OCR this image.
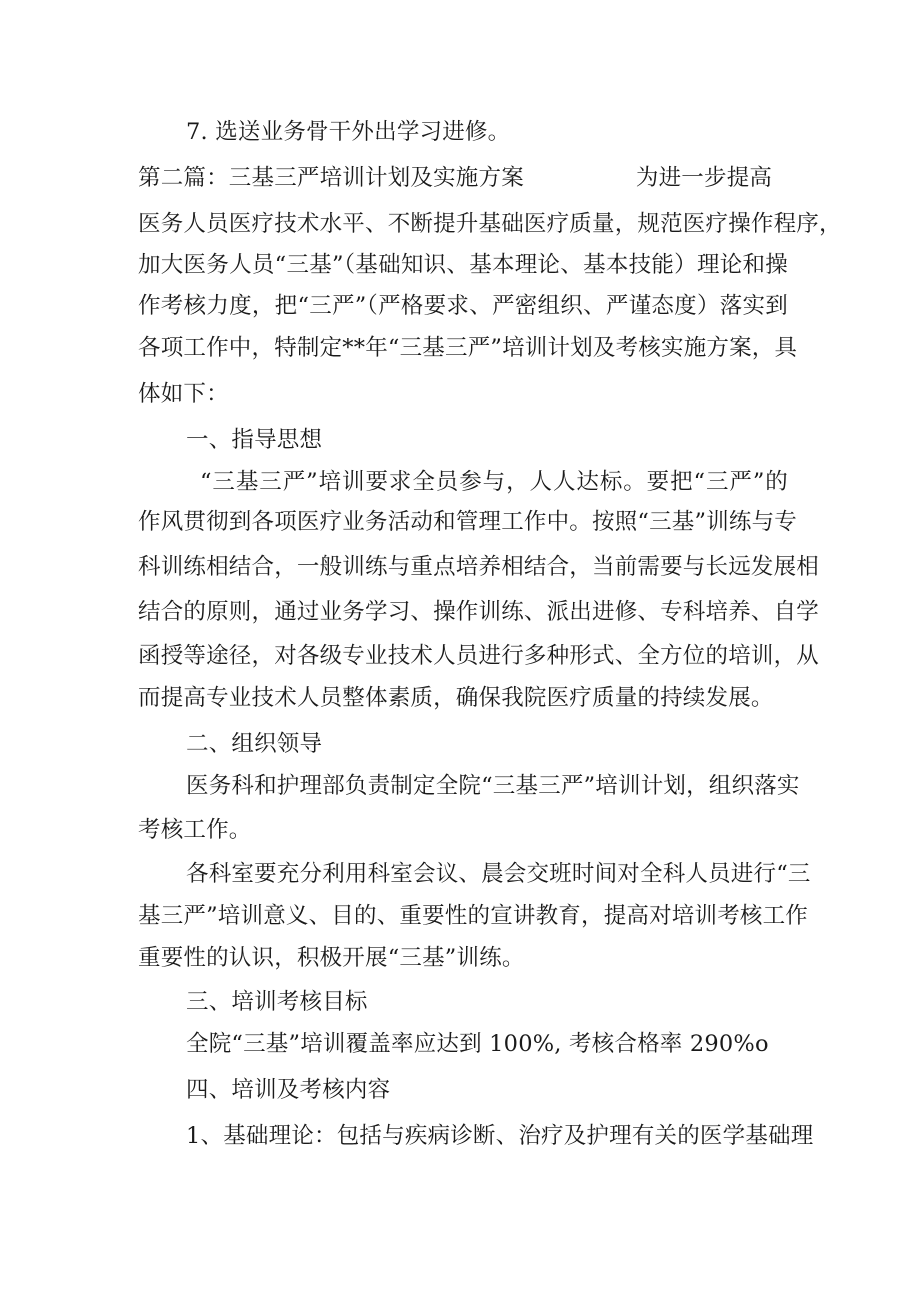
7. 选送业务骨干外出学习进修。
第二篇：三基三严培训计划及实施方案	为进一步提高
医务人员医疗技术水平、不断提升基础医疗质量，规范医疗操作程序，
加大医务人员“三基”（基础知识、基本理论、基本技能）理论和操
作考核力度，把“三严”（严格要求、严密组织、严谨态度）落实到
各项工作中，特制定**年“三基三严”培训计划及考核实施方案，具
体如下：
一、指导思想
“三基三严”培训要求全员参与，人人达标。要把“三严”的
作风贯彻到各项医疗业务活动和管理工作中。按照“三基”训练与专
科训练相结合，一般训练与重点培养相结合，当前需要与长远发展相
结合的原则，通过业务学习、操作训练、派出进修、专科培养、自学
函授等途径，对各级专业技术人员进行多种形式、全方位的培训，从
而提高专业技术人员整体素质，确保我院医疗质量的持续发展。
二、组织领导
医务科和护理部负责制定全院“三基三严”培训计划，组织落实
考核工作。
各科室要充分利用科室会议、晨会交班时间对全科人员进行“三
基三严”培训意义、目的、重要性的宣讲教育，提高对培训考核工作
重要性的认识，积极开展“三基”训练。
三、培训考核目标
全院“三基”培训覆盖率应达到 100%, 考核合格率 290%o
四、培训及考核内容
1、基础理论：包括与疾病诊断、治疗及护理有关的医学基础理
